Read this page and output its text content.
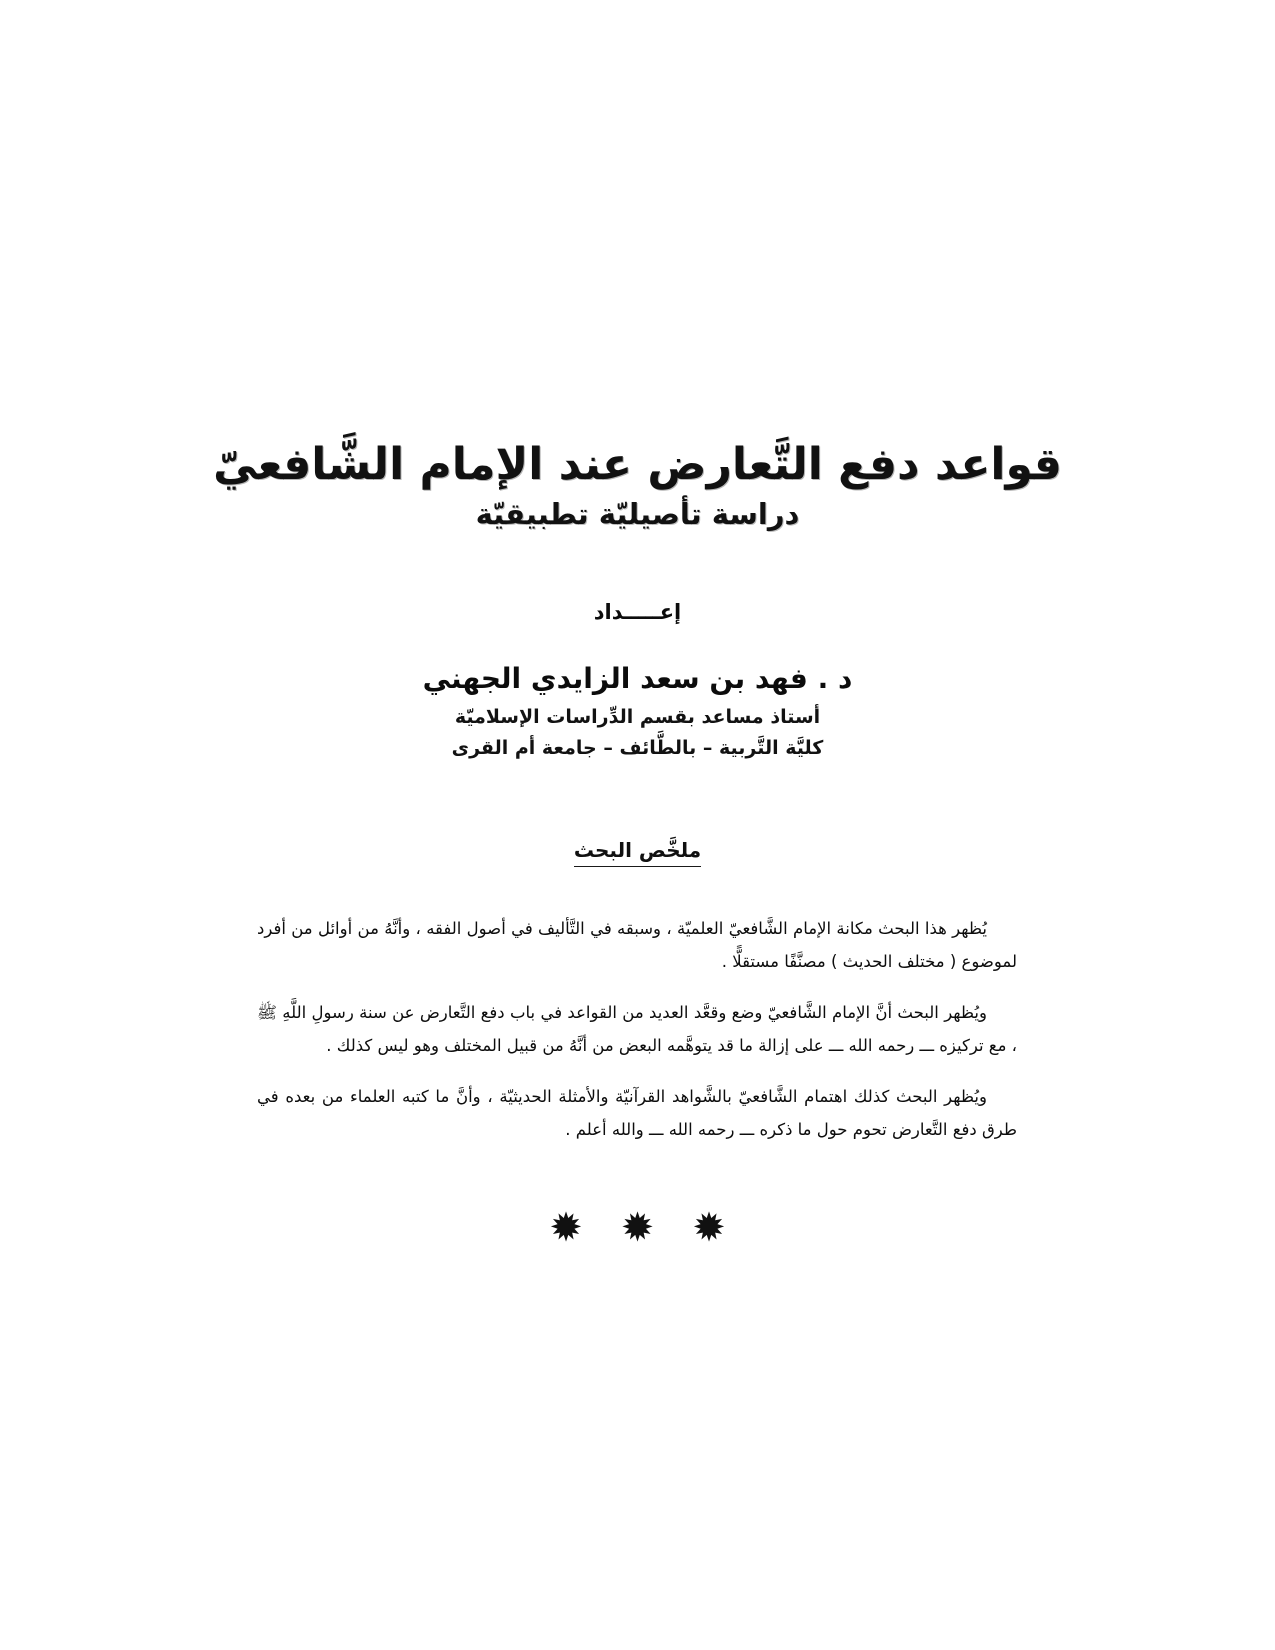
قواعد دفع التَّعارض عند الإمام الشَّافعيّ
دراسة تأصيليّة تطبيقيّة
إعـــــداد
د . فهد بن سعد الزايدي الجهني
أستاذ مساعد بقسم الدِّراسات الإسلاميّة
كليَّة التَّربية – بالطَّائف – جامعة أم القرى
ملخَّص البحث

يُظهر هذا البحث مكانة الإمام الشَّافعيّ العلميّة ، وسبقه في التَّأليف في أصول الفقه ، وأنَّهُ من أوائل من أفرد لموضوع ( مختلف الحديث ) مصنَّفًا مستقلًّا .

ويُظهر البحث أنَّ الإمام الشَّافعيّ وضع وقعَّد العديد من القواعد في باب دفع التَّعارض عن سنة رسولِ اللَّهِ ﷺ ، مع تركيزه ـــ رحمه الله ـــ على إزالة ما قد يتوهَّمه البعض من أنَّهُ من قبيل المختلف وهو ليس كذلك .

ويُظهر البحث كذلك اهتمام الشَّافعيّ بالشَّواهد القرآنيّة والأمثلة الحديثيّة ، وأنَّ ما كتبه العلماء من بعده في طرق دفع التَّعارض تحوم حول ما ذكره ـــ رحمه الله ـــ والله أعلم .

✹
✹
✹
